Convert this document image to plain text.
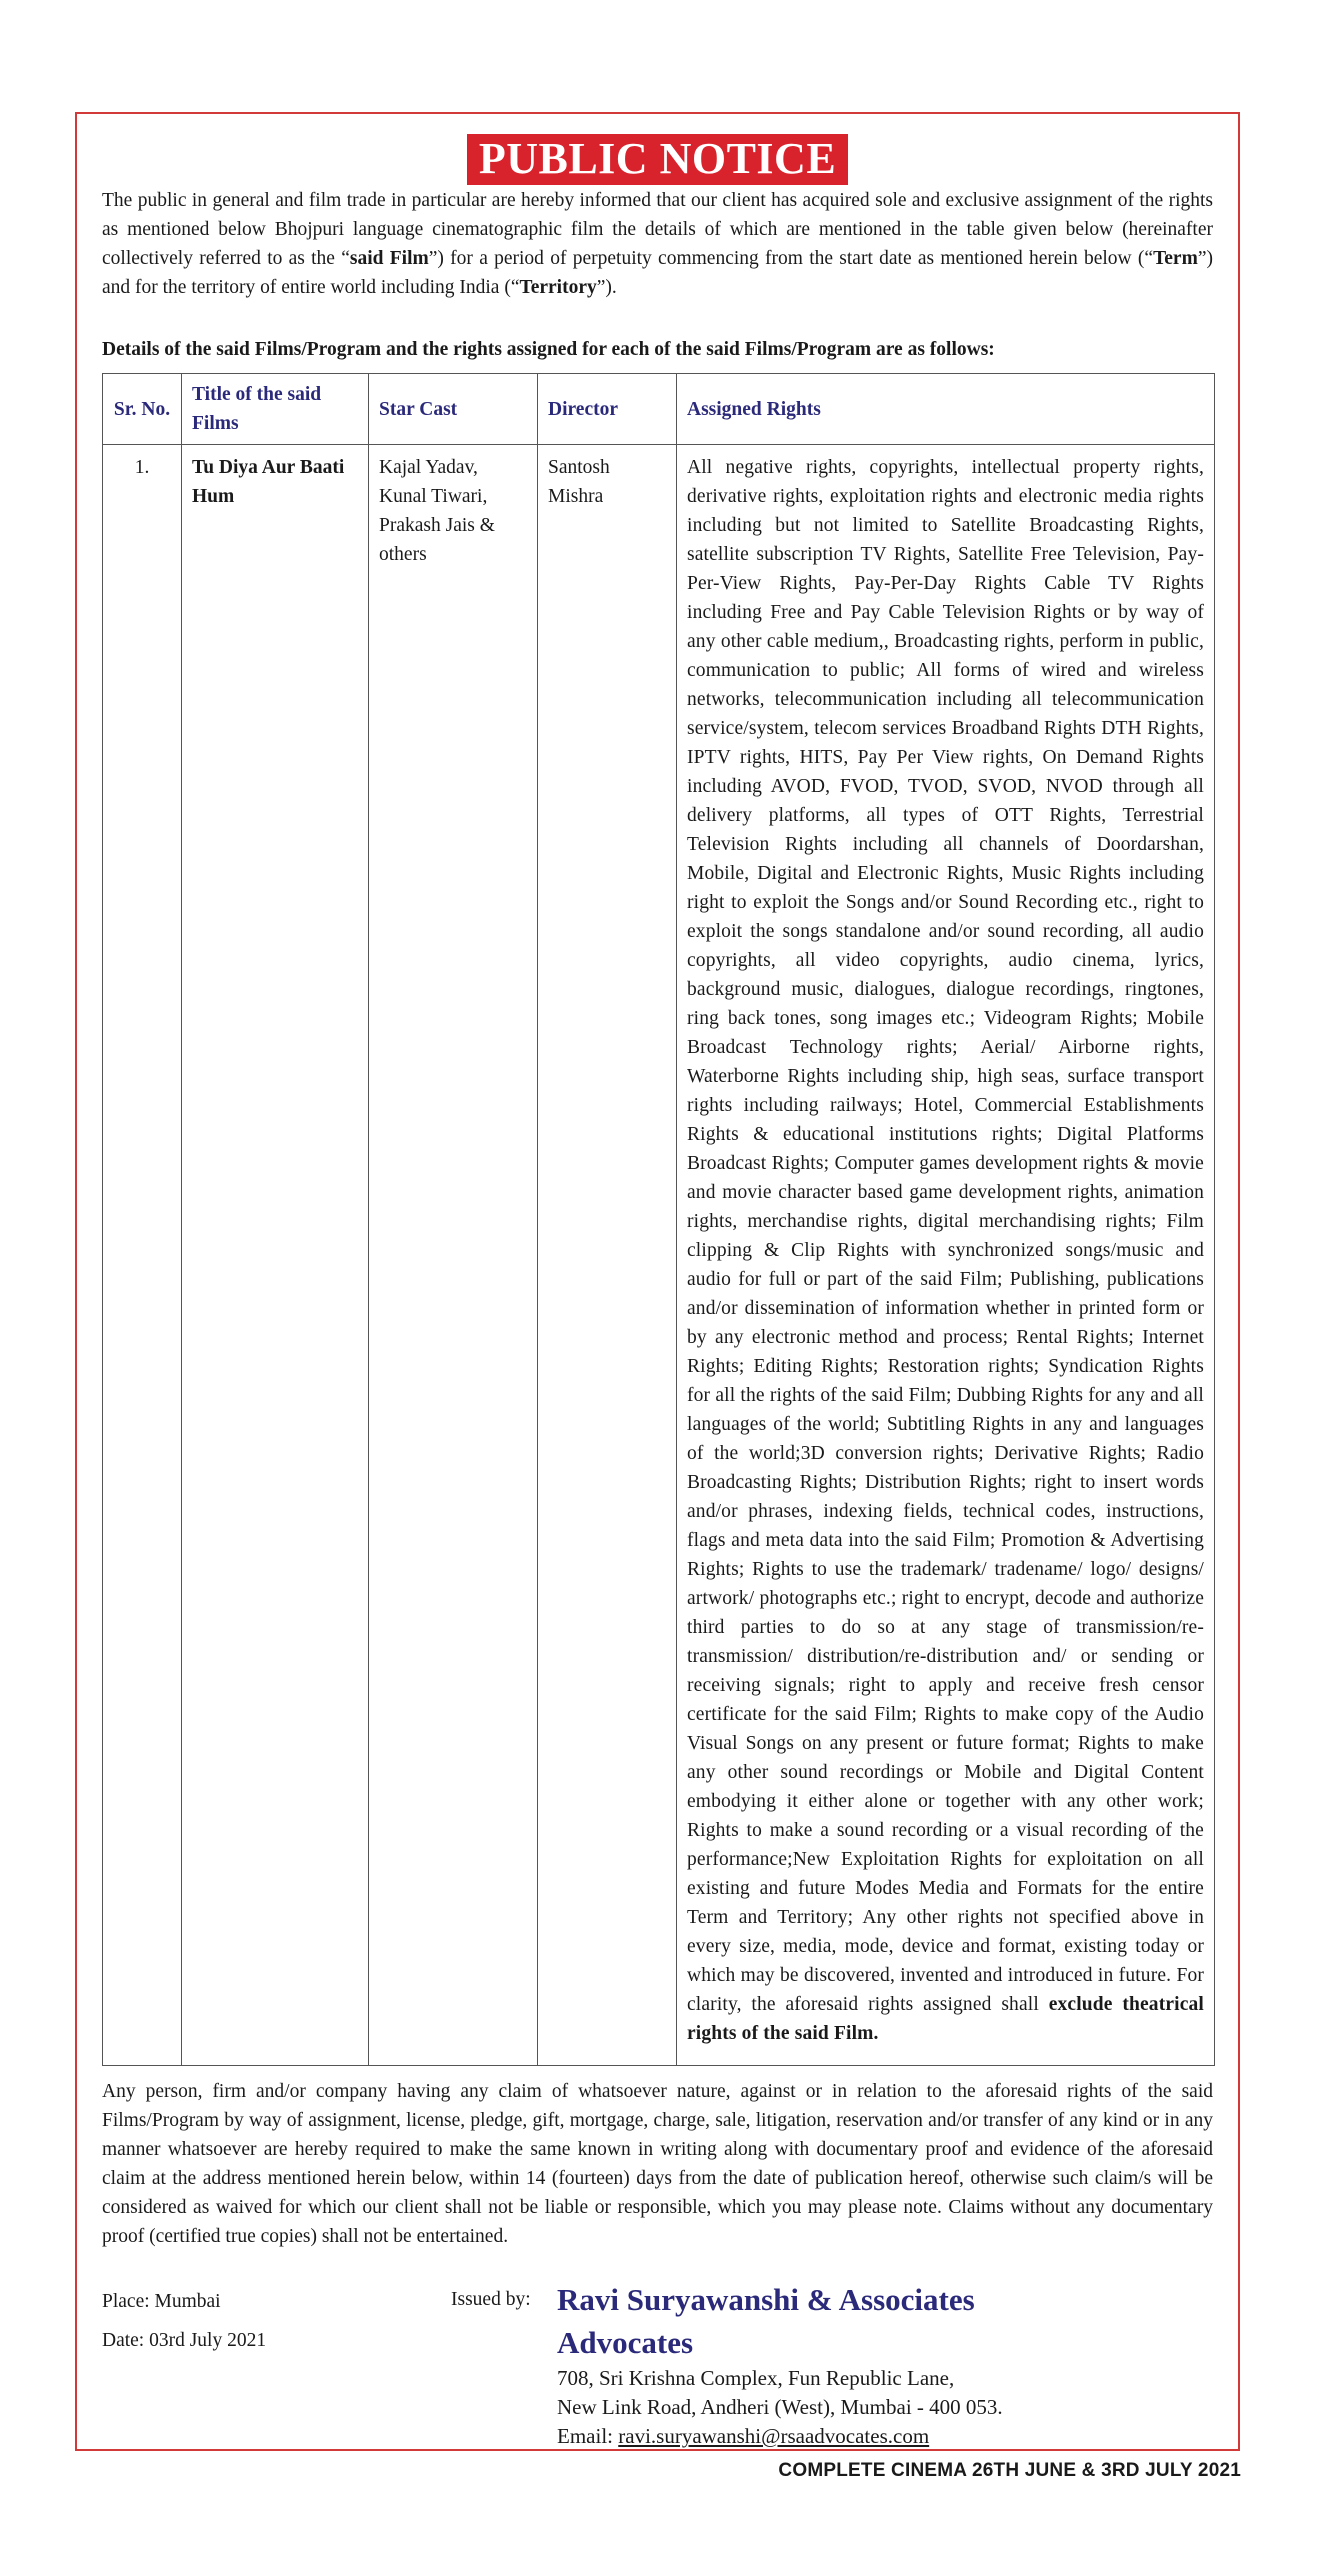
PUBLIC NOTICE

The public in general and film trade in particular are hereby informed that our client has acquired sole and exclusive assignment of the rights as mentioned below Bhojpuri language cinematographic film the details of which are mentioned in the table given below (hereinafter collectively referred to as the “said Film”) for a period of perpetuity commencing from the start date as mentioned herein below (“Term”) and for the territory of entire world including India (“Territory”).

Details of the said Films/Program and the rights assigned for each of the said Films/Program are as follows:

Sr. No.	Title of the said Films	Star Cast	Director	Assigned Rights
1.	Tu Diya Aur Baati Hum	Kajal Yadav, Kunal Tiwari, Prakash Jais & others	Santosh Mishra	All negative rights, copyrights, intellectual property rights, derivative rights, exploitation rights and electronic media rights including but not limited to Satellite Broadcasting Rights, satellite subscription TV Rights, Satellite Free Television, Pay-Per-View Rights, Pay-Per-Day Rights Cable TV Rights including Free and Pay Cable Television Rights or by way of any other cable medium,, Broadcasting rights, perform in public, communication to public; All forms of wired and wireless networks, telecommunication including all telecommunication service/system, telecom services Broadband Rights DTH Rights, IPTV rights, HITS, Pay Per View rights, On Demand Rights including AVOD, FVOD, TVOD, SVOD, NVOD through all delivery platforms, all types of OTT Rights, Terrestrial Television Rights including all channels of Doordarshan, Mobile, Digital and Electronic Rights, Music Rights including right to exploit the Songs and/or Sound Recording etc., right to exploit the songs standalone and/or sound recording, all audio copyrights, all video copyrights, audio cinema, lyrics, background music, dialogues, dialogue recordings, ringtones, ring back tones, song images etc.; Videogram Rights; Mobile Broadcast Technology rights; Aerial/ Airborne rights, Waterborne Rights including ship, high seas, surface transport rights including railways; Hotel, Commercial Establishments Rights & educational institutions rights; Digital Platforms Broadcast Rights; Computer games development rights & movie and movie character based game development rights, animation rights, merchandise rights, digital merchandising rights; Film clipping & Clip Rights with synchronized songs/music and audio for full or part of the said Film; Publishing, publications and/or dissemination of information whether in printed form or by any electronic method and process; Rental Rights; Internet Rights; Editing Rights; Restoration rights; Syndication Rights for all the rights of the said Film; Dubbing Rights for any and all languages of the world; Subtitling Rights in any and languages of the world;3D conversion rights; Derivative Rights; Radio Broadcasting Rights; Distribution Rights; right to insert words and/or phrases, indexing fields, technical codes, instructions, flags and meta data into the said Film; Promotion & Advertising Rights; Rights to use the trademark/ tradename/ logo/ designs/ artwork/ photographs etc.; right to encrypt, decode and authorize third parties to do so at any stage of transmission/re-transmission/ distribution/re-distribution and/ or sending or receiving signals; right to apply and receive fresh censor certificate for the said Film; Rights to make copy of the Audio Visual Songs on any present or future format; Rights to make any other sound recordings or Mobile and Digital Content embodying it either alone or together with any other work; Rights to make a sound recording or a visual recording of the performance;New Exploitation Rights for exploitation on all existing and future Modes Media and Formats for the entire Term and Territory; Any other rights not specified above in every size, media, mode, device and format, existing today or which may be discovered, invented and introduced in future. For clarity, the aforesaid rights assigned shall exclude theatrical rights of the said Film.

Any person, firm and/or company having any claim of whatsoever nature, against or in relation to the aforesaid rights of the said Films/Program by way of assignment, license, pledge, gift, mortgage, charge, sale, litigation, reservation and/or transfer of any kind or in any manner whatsoever are hereby required to make the same known in writing along with documentary proof and evidence of the aforesaid claim at the address mentioned herein below, within 14 (fourteen) days from the date of publication hereof, otherwise such claim/s will be considered as waived for which our client shall not be liable or responsible, which you may please note. Claims without any documentary proof (certified true copies) shall not be entertained.

Place: Mumbai
Date: 03rd July 2021
Issued by: Ravi Suryawanshi & Associates
Advocates
708, Sri Krishna Complex, Fun Republic Lane,
New Link Road, Andheri (West), Mumbai - 400 053.
Email: ravi.suryawanshi@rsaadvocates.com
COMPLETE CINEMA 26TH JUNE & 3RD JULY 2021
